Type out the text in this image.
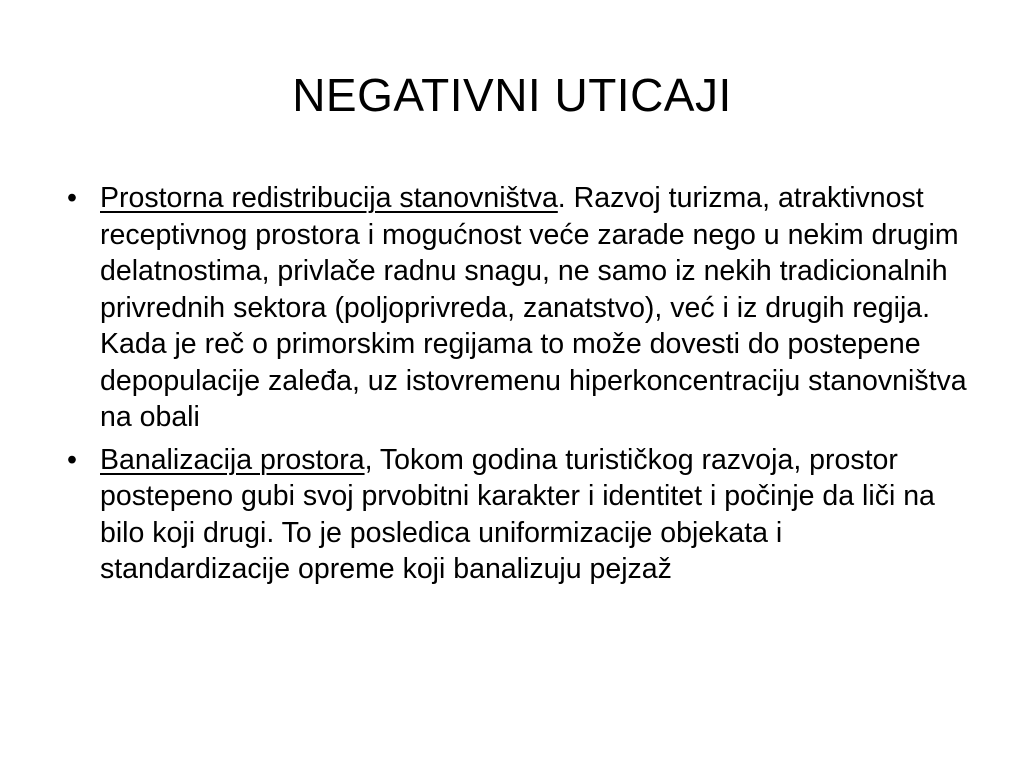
NEGATIVNI UTICAJI
• Prostorna redistribucija stanovništva. Razvoj turizma, atraktivnost receptivnog prostora i mogućnost veće zarade nego u nekim drugim delatnostima, privlače radnu snagu, ne samo iz nekih tradicionalnih privrednih sektora (poljoprivreda, zanatstvo), već i iz drugih regija. Kada je reč o primorskim regijama to može dovesti do postepene depopulacije zaleđa, uz istovremenu hiperkoncentraciju stanovništva na obali
• Banalizacija prostora, Tokom godina turističkog razvoja, prostor postepeno gubi svoj prvobitni karakter i identitet i počinje da liči na bilo koji drugi. To je posledica uniformizacije objekata i standardizacije opreme koji banalizuju pejzaž
